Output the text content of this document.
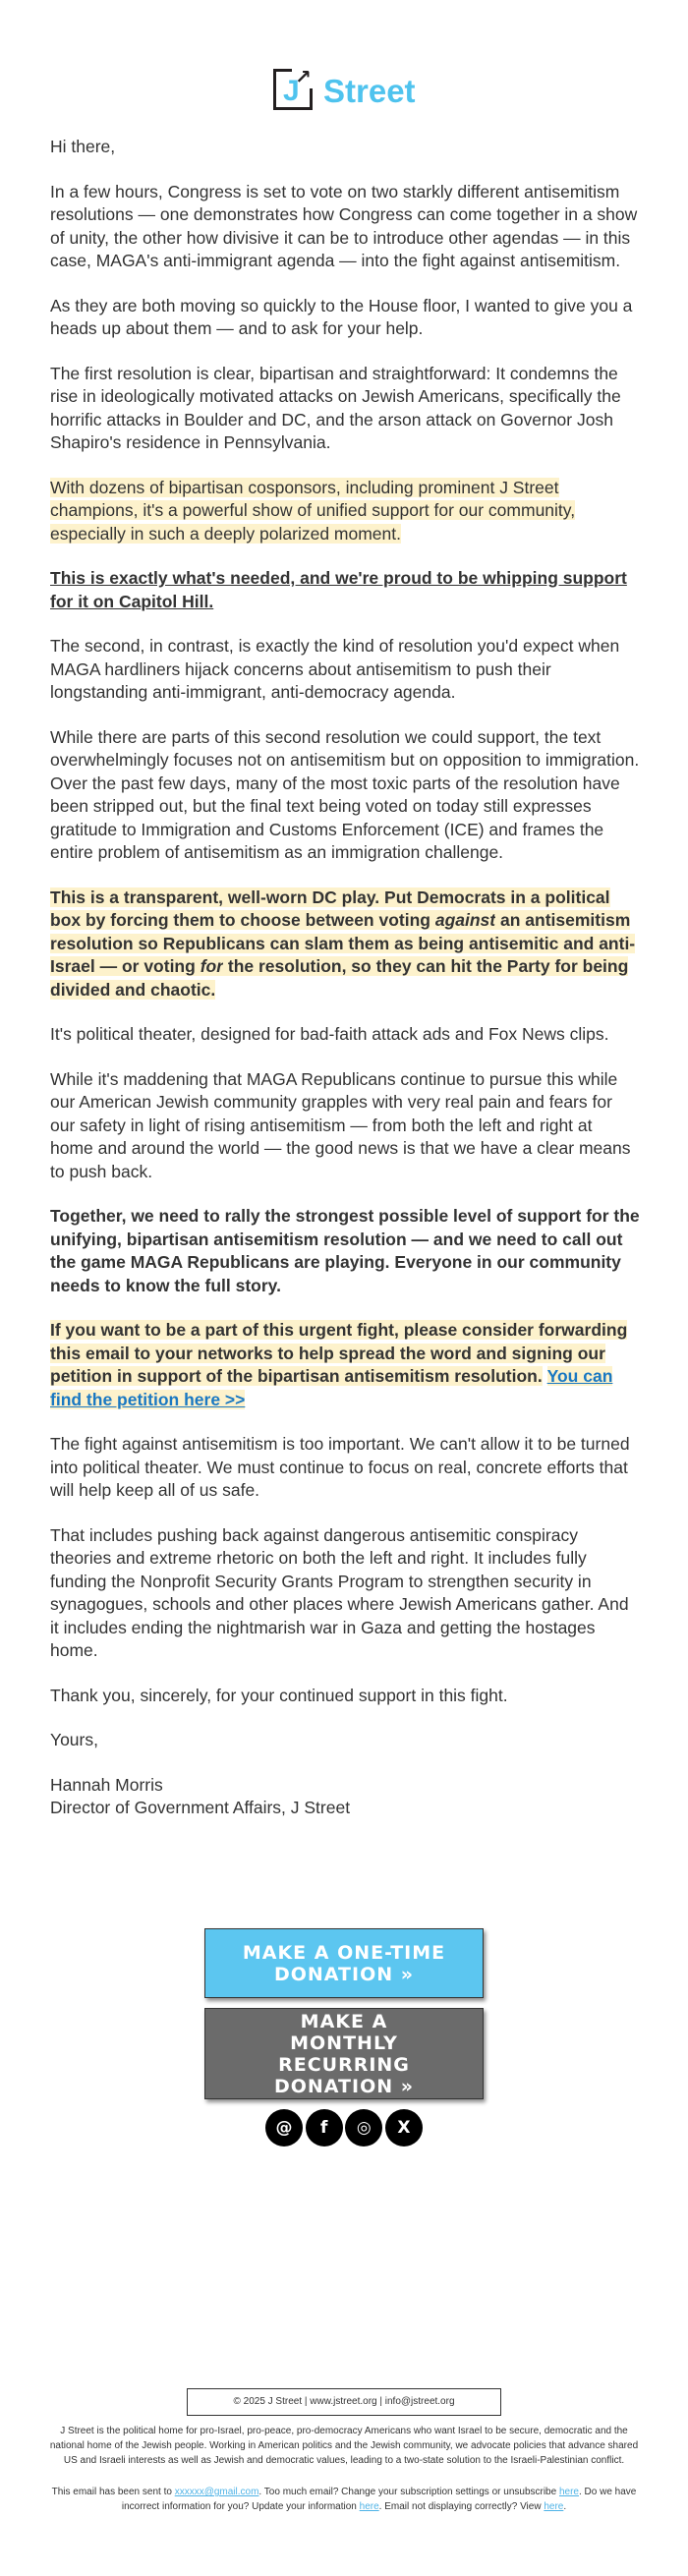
↗
J Street

Hi there,

In a few hours, Congress is set to vote on two starkly different antisemitism resolutions — one demonstrates how Congress can come together in a show of unity, the other how divisive it can be to introduce other agendas — in this case, MAGA's anti-immigrant agenda — into the fight against antisemitism.

As they are both moving so quickly to the House floor, I wanted to give you a heads up about them — and to ask for your help.

The first resolution is clear, bipartisan and straightforward: It condemns the rise in ideologically motivated attacks on Jewish Americans, specifically the horrific attacks in Boulder and DC, and the arson attack on Governor Josh Shapiro's residence in Pennsylvania.

With dozens of bipartisan cosponsors, including prominent J Street champions, it's a powerful show of unified support for our community, especially in such a deeply polarized moment.

This is exactly what's needed, and we're proud to be whipping support for it on Capitol Hill.

The second, in contrast, is exactly the kind of resolution you'd expect when MAGA hardliners hijack concerns about antisemitism to push their longstanding anti-immigrant, anti-democracy agenda.

While there are parts of this second resolution we could support, the text overwhelmingly focuses not on antisemitism but on opposition to immigration. Over the past few days, many of the most toxic parts of the resolution have been stripped out, but the final text being voted on today still expresses gratitude to Immigration and Customs Enforcement (ICE) and frames the entire problem of antisemitism as an immigration challenge.

This is a transparent, well-worn DC play. Put Democrats in a political box by forcing them to choose between voting against an antisemitism resolution so Republicans can slam them as being antisemitic and anti-Israel — or voting for the resolution, so they can hit the Party for being divided and chaotic.

It's political theater, designed for bad-faith attack ads and Fox News clips.

While it's maddening that MAGA Republicans continue to pursue this while our American Jewish community grapples with very real pain and fears for our safety in light of rising antisemitism — from both the left and right at home and around the world — the good news is that we have a clear means to push back.

Together, we need to rally the strongest possible level of support for the unifying, bipartisan antisemitism resolution — and we need to call out the game MAGA Republicans are playing. Everyone in our community needs to know the full story.

If you want to be a part of this urgent fight, please consider forwarding this email to your networks to help spread the word and signing our petition in support of the bipartisan antisemitism resolution. You can find the petition here >>

The fight against antisemitism is too important. We can't allow it to be turned into political theater. We must continue to focus on real, concrete efforts that will help keep all of us safe.

That includes pushing back against dangerous antisemitic conspiracy theories and extreme rhetoric on both the left and right. It includes fully funding the Nonprofit Security Grants Program to strengthen security in synagogues, schools and other places where Jewish Americans gather. And it includes ending the nightmarish war in Gaza and getting the hostages home.

Thank you, sincerely, for your continued support in this fight.

Yours,

Hannah Morris

Director of Government Affairs, J Street

MAKE A ONE-TIME DONATION »
MAKE A MONTHLY RECURRING DONATION »
@	f	◎	X
© 2025 J Street | www.jstreet.org | info@jstreet.org
J Street is the political home for pro-Israel, pro-peace, pro-democracy Americans who want Israel to be secure, democratic and the national home of the Jewish people. Working in American politics and the Jewish community, we advocate policies that advance shared US and Israeli interests as well as Jewish and democratic values, leading to a two-state solution to the Israeli-Palestinian conflict.
This email has been sent to xxxxxx@gmail.com. Too much email? Change your subscription settings or unsubscribe here. Do we have incorrect information for you? Update your information here. Email not displaying correctly? View here.
